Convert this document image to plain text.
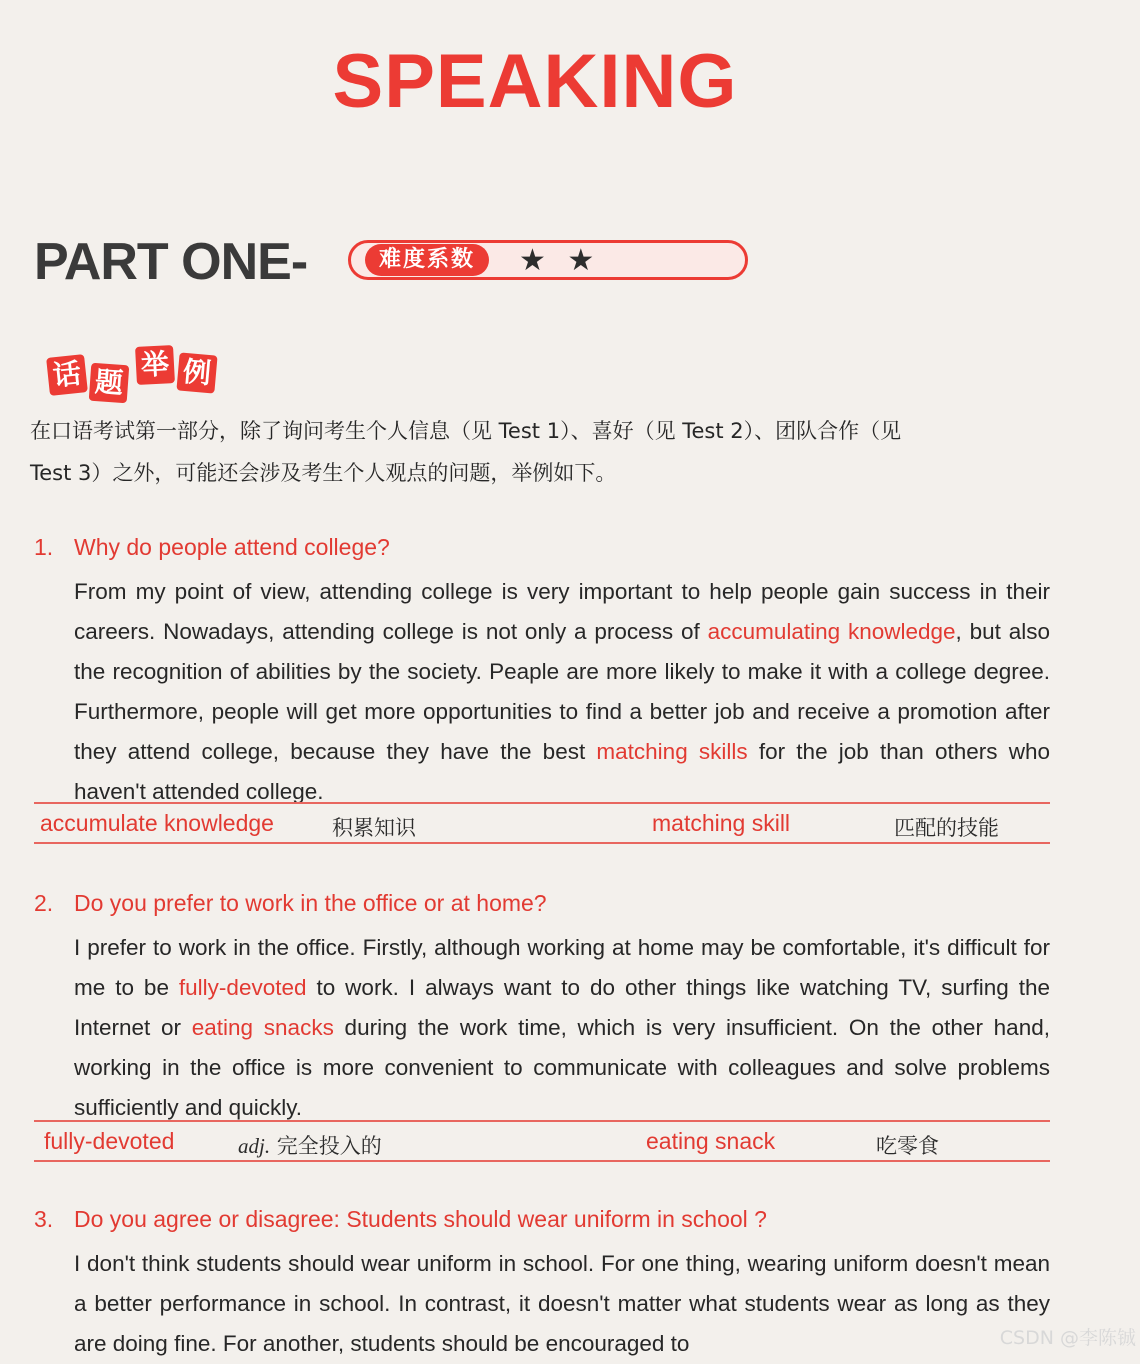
SPEAKING
PART ONE-	难度系数	★ ★
话 题
举 例
在口语考试第一部分，除了询问考生个人信息（见 Test 1）、喜好（见 Test 2）、团队合作（见
Test 3）之外，可能还会涉及考生个人观点的问题，举例如下。
1. Why do people attend college?
From my point of view, attending college is very important to help people gain success in their careers. Nowadays, attending college is not only a process of accumulating knowledge, but also the recognition of abilities by the society. Peaple are more likely to make it with a college degree. Furthermore, people will get more opportunities to find a better job and receive a promotion after they attend college, because they have the best matching skills for the job than others who haven't attended college.
accumulate knowledge	积累知识	matching skill	匹配的技能
2. Do you prefer to work in the office or at home?
I prefer to work in the office. Firstly, although working at home may be comfortable, it's difficult for me to be fully-devoted to work. I always want to do other things like watching TV, surfing the Internet or eating snacks during the work time, which is very insufficient. On the other hand, working in the office is more convenient to communicate with colleagues and solve problems sufficiently and quickly.
fully-devoted	adj. 完全投入的	eating snack	吃零食
3. Do you agree or disagree: Students should wear uniform in school ?
I don't think students should wear uniform in school. For one thing, wearing uniform doesn't mean a better performance in school. In contrast, it doesn't matter what students wear as long as they are doing fine. For another, students should be encouraged to	CSDN @李陈铖
